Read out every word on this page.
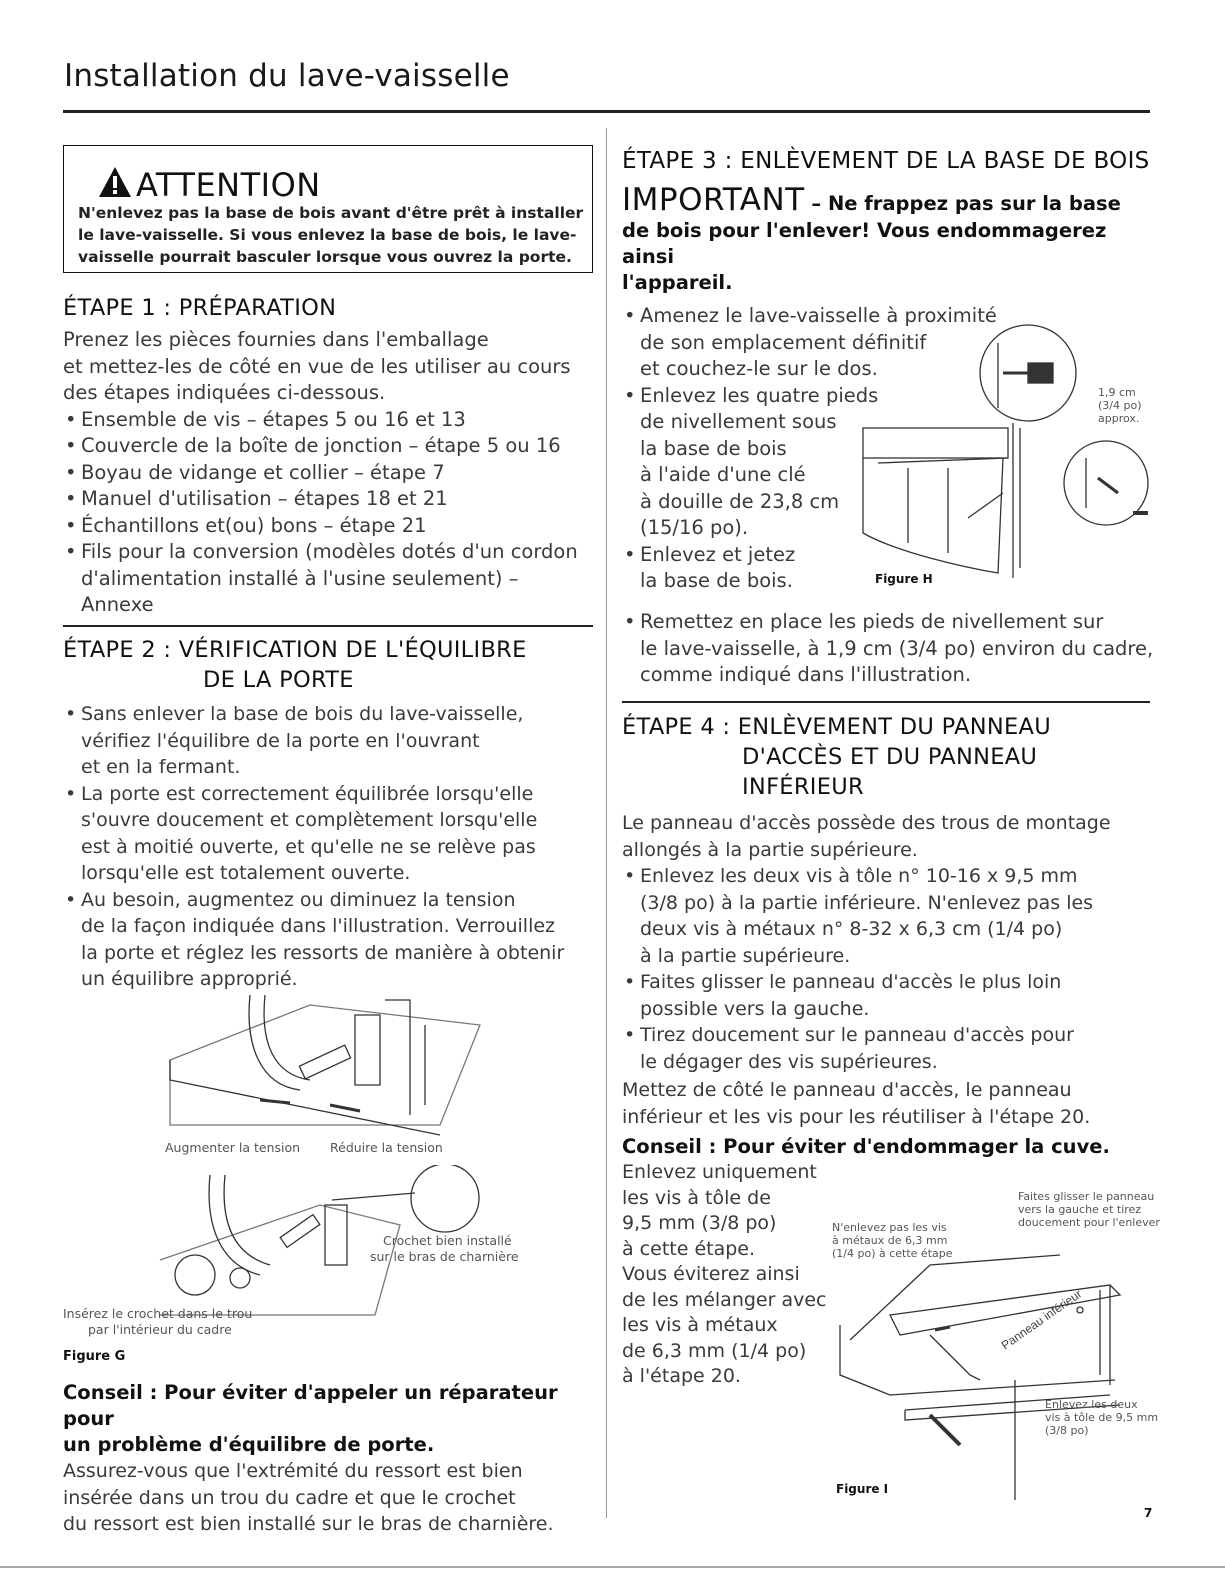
Installation du lave-vaisselle
ATTENTION
N'enlevez pas la base de bois avant d'être prêt à installer
le lave-vaisselle. Si vous enlevez la base de bois, le lave-
vaisselle pourrait basculer lorsque vous ouvrez la porte.
ÉTAPE 1 : PRÉPARATION
Prenez les pièces fournies dans l'emballage
et mettez-les de côté en vue de les utiliser au cours
des étapes indiquées ci-dessous.
• Ensemble de vis – étapes 5 ou 16 et 13
• Couvercle de la boîte de jonction – étape 5 ou 16
• Boyau de vidange et collier – étape 7
• Manuel d'utilisation – étapes 18 et 21
• Échantillons et(ou) bons – étape 21
• Fils pour la conversion (modèles dotés d'un cordon
d'alimentation installé à l'usine seulement) –
Annexe
ÉTAPE 2 : VÉRIFICATION DE L'ÉQUILIBRE
DE LA PORTE
• Sans enlever la base de bois du lave-vaisselle,
vérifiez l'équilibre de la porte en l'ouvrant
et en la fermant.
• La porte est correctement équilibrée lorsqu'elle
s'ouvre doucement et complètement lorsqu'elle
est à moitié ouverte, et qu'elle ne se relève pas
lorsqu'elle est totalement ouverte.
• Au besoin, augmentez ou diminuez la tension
de la façon indiquée dans l'illustration. Verrouillez
la porte et réglez les ressorts de manière à obtenir
un équilibre approprié.
Augmenter la tension Réduire la tension
Crochet bien installé
sur le bras de charnière
Insérez le crochet dans le trou
par l'intérieur du cadre
Figure G
Conseil : Pour éviter d'appeler un réparateur pour
un problème d'équilibre de porte.
Assurez-vous que l'extrémité du ressort est bien
insérée dans un trou du cadre et que le crochet
du ressort est bien installé sur le bras de charnière.
ÉTAPE 3 : ENLÈVEMENT DE LA BASE DE BOIS
IMPORTANT – Ne frappez pas sur la base
de bois pour l'enlever! Vous endommagerez ainsi
l'appareil.
• Amenez le lave-vaisselle à proximité
de son emplacement définitif
et couchez-le sur le dos.
• Enlevez les quatre pieds
de nivellement sous
la base de bois
à l'aide d'une clé
à douille de 23,8 cm
(15/16 po).
• Enlevez et jetez
la base de bois.
1,9 cm
(3/4 po)
approx.
Figure H
• Remettez en place les pieds de nivellement sur
le lave-vaisselle, à 1,9 cm (3/4 po) environ du cadre,
comme indiqué dans l'illustration.
ÉTAPE 4 : ENLÈVEMENT DU PANNEAU
D'ACCÈS ET DU PANNEAU
INFÉRIEUR
Le panneau d'accès possède des trous de montage
allongés à la partie supérieure.
• Enlevez les deux vis à tôle n° 10-16 x 9,5 mm
(3/8 po) à la partie inférieure. N'enlevez pas les
deux vis à métaux n° 8-32 x 6,3 cm (1/4 po)
à la partie supérieure.
• Faites glisser le panneau d'accès le plus loin
possible vers la gauche.
• Tirez doucement sur le panneau d'accès pour
le dégager des vis supérieures.
Mettez de côté le panneau d'accès, le panneau
inférieur et les vis pour les réutiliser à l'étape 20.
Conseil : Pour éviter d'endommager la cuve.
Enlevez uniquement
les vis à tôle de
9,5 mm (3/8 po)
à cette étape.
Vous éviterez ainsi
de les mélanger avec
les vis à métaux
de 6,3 mm (1/4 po)
à l'étape 20.
Panneau inférieur
Faites glisser le panneau
vers la gauche et tirez
doucement pour l'enlever
N'enlevez pas les vis
à métaux de 6,3 mm
(1/4 po) à cette étape
Enlevez les deux
vis à tôle de 9,5 mm
(3/8 po)
Figure I
7
